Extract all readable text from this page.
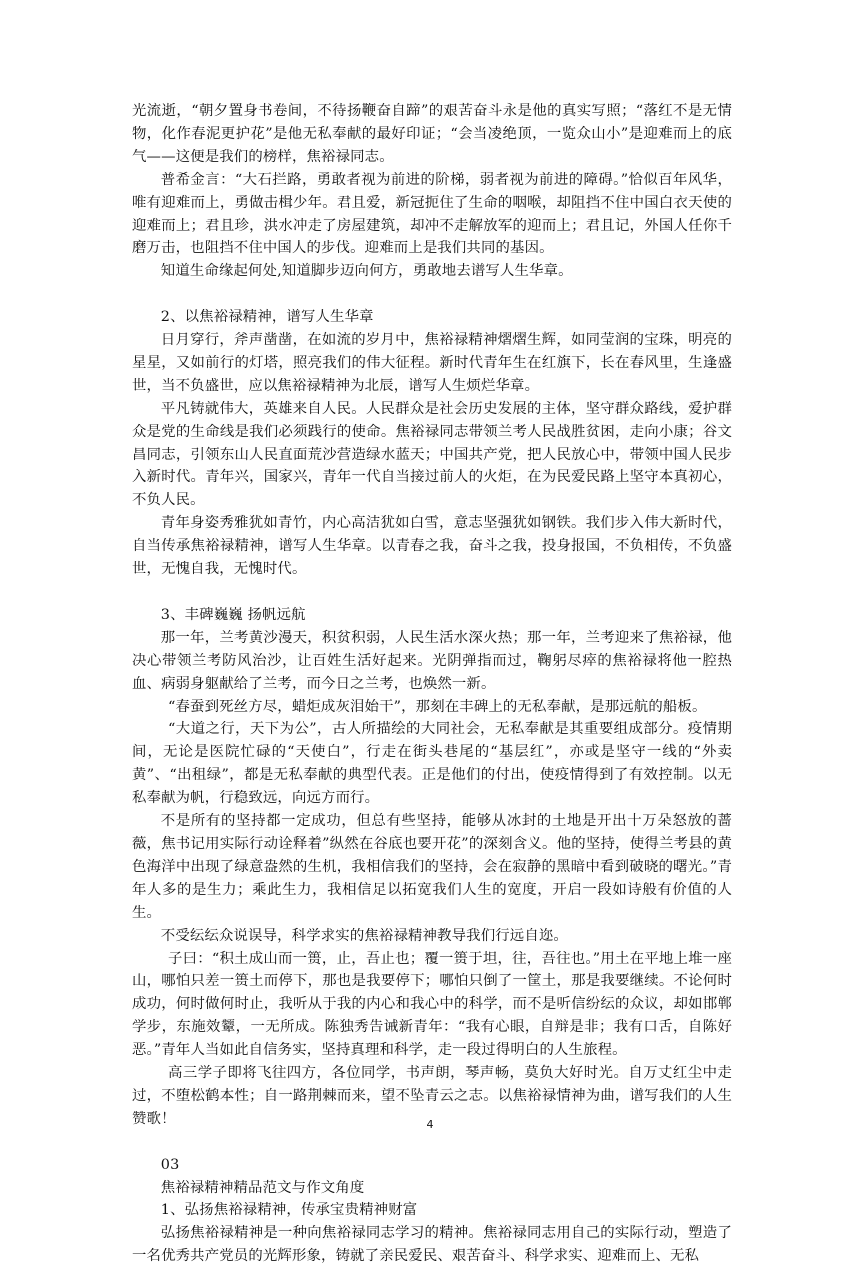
光流逝，“朝夕置身书卷间，不待扬鞭奋自蹄”的艰苦奋斗永是他的真实写照；“落红不是无情物，化作春泥更护花”是他无私奉献的最好印证；“会当凌绝顶，一览众山小”是迎难而上的底气——这便是我们的榜样，焦裕禄同志。

普希金言：“大石拦路，勇敢者视为前进的阶梯，弱者视为前进的障碍。”恰似百年风华，唯有迎难而上，勇做击楫少年。君且爱，新冠扼住了生命的咽喉，却阻挡不住中国白衣天使的迎难而上；君且珍，洪水冲走了房屋建筑，却冲不走解放军的迎而上；君且记，外国人任你千磨万击，也阻挡不住中国人的步伐。迎难而上是我们共同的基因。

知道生命缘起何处,知道脚步迈向何方，勇敢地去谱写人生华章。

2、以焦裕禄精神，谱写人生华章

日月穿行，斧声凿凿，在如流的岁月中，焦裕禄精神熠熠生辉，如同莹润的宝珠，明亮的星星，又如前行的灯塔，照亮我们的伟大征程。新时代青年生在红旗下，长在春风里，生逢盛世，当不负盛世，应以焦裕禄精神为北辰，谱写人生烦烂华章。

平凡铸就伟大，英雄来自人民。人民群众是社会历史发展的主体，坚守群众路线，爱护群众是党的生命线是我们必须践行的使命。焦裕禄同志带领兰考人民战胜贫困，走向小康；谷文昌同志，引领东山人民直面荒沙营造绿水蓝天；中国共产党，把人民放心中，带领中国人民步入新时代。青年兴，国家兴，青年一代自当接过前人的火炬，在为民爱民路上坚守本真初心，不负人民。

青年身姿秀雅犹如青竹，内心高洁犹如白雪，意志坚强犹如钢铁。我们步入伟大新时代，自当传承焦裕禄精神，谱写人生华章。以青春之我，奋斗之我，投身报国，不负相传，不负盛世，无愧自我，无愧时代。

3、丰碑巍巍 扬帆远航

那一年，兰考黄沙漫天，积贫积弱，人民生活水深火热；那一年，兰考迎来了焦裕禄，他决心带领兰考防风治沙，让百姓生活好起来。光阴弹指而过，鞠躬尽瘁的焦裕禄将他一腔热血、病弱身躯献给了兰考，而今日之兰考，也焕然一新。

“春蚕到死丝方尽，蜡炬成灰泪始干”，那刻在丰碑上的无私奉献，是那远航的船板。

“大道之行，天下为公”，古人所描绘的大同社会，无私奉献是其重要组成部分。疫情期间，无论是医院忙碌的“天使白”，行走在街头巷尾的“基层红”，亦或是坚守一线的“外卖黄”、“出租绿”，都是无私奉献的典型代表。正是他们的付出，使疫情得到了有效控制。以无私奉献为帆，行稳致远，向远方而行。

不是所有的坚持都一定成功，但总有些坚持，能够从冰封的土地是开出十万朵怒放的蔷薇，焦书记用实际行动诠释着”纵然在谷底也要开花”的深刻含义。他的坚持，使得兰考县的黄色海洋中出现了绿意盎然的生机，我相信我们的坚持，会在寂静的黑暗中看到破晓的曙光。”青年人多的是生力；乘此生力，我相信足以拓宽我们人生的宽度，开启一段如诗般有价值的人生。

不受纭纭众说误导，科学求实的焦裕禄精神教导我们行远自迩。

子曰：“积土成山而一篑，止，吾止也；覆一篑于坦，往，吾往也。”用土在平地上堆一座山，哪怕只差一篑土而停下，那也是我要停下；哪怕只倒了一筐土，那是我要继续。不论何时成功，何时做何时止，我听从于我的内心和我心中的科学，而不是听信纷纭的众议，却如邯郸学步，东施效颦，一无所成。陈独秀告诫新青年：“我有心眼，自辩是非；我有口舌，自陈好恶。”青年人当如此自信务实，坚持真理和科学，走一段过得明白的人生旅程。

高三学子即将飞往四方，各位同学，书声朗，琴声畅，莫负大好时光。自万丈红尘中走过，不堕松鹤本性；自一路荆棘而来，望不坠青云之志。以焦裕禄情神为曲，谱写我们的人生赞歌！

03

焦裕禄精神精品范文与作文角度

1、弘扬焦裕禄精神，传承宝贵精神财富

弘扬焦裕禄精神是一种向焦裕禄同志学习的精神。焦裕禄同志用自己的实际行动，塑造了一名优秀共产党员的光辉形象，铸就了亲民爱民、艰苦奋斗、科学求实、迎难而上、无私

4
